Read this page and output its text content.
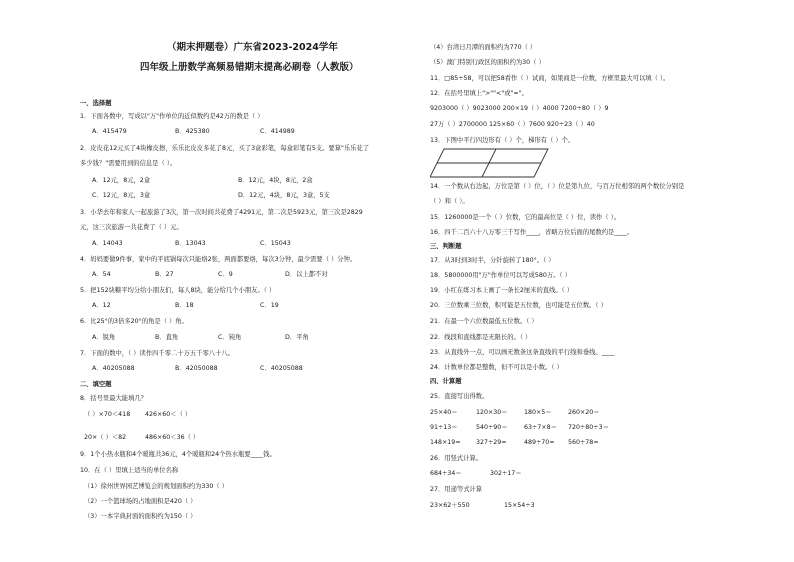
（期末押题卷）广东省2023-2024学年
四年级上册数学高频易错期末提高必刷卷（人教版）
一、选择题
1．下面各数中，写成以"万"作单位的近似数约是42万的数是（ ）
A．415479	B．425380	C．414989
2．皮皮花12元买了4块橡皮擦，乐乐比皮皮多花了8元，买了3盒彩笔，每盒彩笔有5支。要算"乐乐花了
多少钱？"需要用到的信息是（ ）。
A．12元，8元，2盒	B．12元，4块，8元，2盒
C．12元，8元，3盒	D．12元，4块，8元，3盒，5支
3．小华去年和家人一起旅游了3次，第一次时间共花费了4291元，第二次是5923元，第三次是2829
元，这三次旅游一共花费了（ ）元。
A．14043	B．13043	C．15043
4．妈妈要做9件事，家中的平底锅每次只能烙2张，两面都要烙，每次3分钟，最少需要（ ）分钟。
A．54	B．27	C．9	D．以上都不对
5．把152块糖平均分给小朋友们，每人8块，能分给几个小朋友。（ ）
A．12	B．18	C．19
6．比25°的3倍多20°的角是（ ）角。
A．锐角	B．直角	C．钝角	D．平角
7．下面的数中，（ ）读作四千零二十万五千零八十八。
A．40205088	B．42050088	C．40205088
二、填空题
8．括号里最大能填几？
（ ）×70＜418 426×60＜（ ）
20×（ ）＜82	486×60＜36（ ）
9．1个小热水瓶和4个暖瓶共36元，4个暖瓶和24个热水瓶要____钱。
10．在（ ）里填上适当的单位名称
（1）徐州世界园艺博览会的规划面积约为330（ ）
（2）一个篮球场的占地面积是420（ ）
（3）一本字典封面的面积约为150（ ）
（4）台湾日月潭的面积约为770（ ）
（5）澳门特别行政区的面积约为30（ ）
11．□85÷58，可以把58看作（ ）试商，如果商是一位数，方框里最大可以填（ ）。
12．在括号里填上">""<"或"="。
9203000（ ）9023000 200×19（ ）4000 7200÷80（ ）9
27万（ ）2700000 125×60（ ）7600 920÷23（ ）40
13．下图中平行四边形有（ ）个，梯形有（ ）个。
14．一个数从右边起，万位是第（ ）位，（ ）位是第九位，与百万位相邻的两个数位分别是
（ ）和（ ）。
15．1260000是一个（ ）位数，它的最高位是（ ）位，读作（ ）。
16．四千二百六十八万零三千写作____，省略万位后面的尾数约是____。
三、判断题
17．从3时到3时半，分针旋转了180°。（ ）
18．5800000用"万"作单位可以写成580万。（ ）
19．小红在练习本上画了一条长2厘米的直线。（ ）
20．三位数乘三位数，积可能是五位数，也可能是五位数。（ ）
21．在最一个六位数最低五位数。（ ）
22．线段和直线都是无限长的。（ ）
23．从直线外一点，可以画无数条这条直线的平行线和垂线。____
24．计数单位都是整数，但不可以是小数。（ ）
四、计算题
25．直接写出得数。
25×40＝	120×30＝	180×5＝	260×20＝
91÷13＝	540÷90＝	63÷7×8＝ 720÷80÷3＝
148×19≈ 327÷29≈	489÷70≈ 560÷78≈
26．用竖式计算。
684÷34＝	302÷17＝
27．用递等式计算
23×62＋550	15×54÷3
